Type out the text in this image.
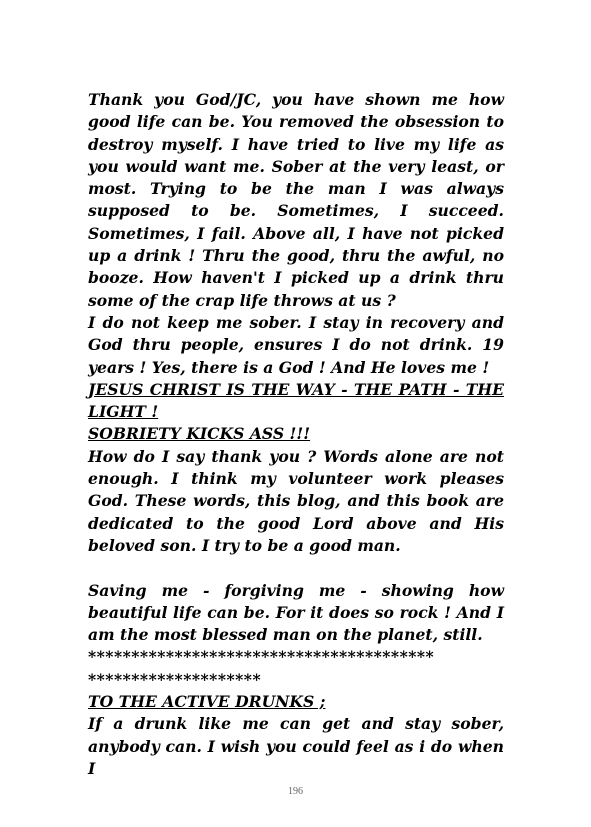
Thank you God/JC, you have shown me how good life can be. You removed the obsession to destroy myself. I have tried to live my life as you would want me. Sober at the very least, or most. Trying to be the man I was always supposed to be. Sometimes, I succeed. Sometimes, I fail. Above all, I have not picked up a drink ! Thru the good, thru the awful, no booze. How haven't I picked up a drink thru some of the crap life throws at us ?
I do not keep me sober. I stay in recovery and God thru people, ensures I do not drink. 19 years ! Yes, there is a God ! And He loves me !
JESUS CHRIST IS THE WAY - THE PATH - THE LIGHT !
SOBRIETY KICKS ASS !!!
How do I say thank you ? Words alone are not enough. I think my volunteer work pleases God. These words, this blog, and this book are dedicated to the good Lord above and His beloved son. I try to be a good man.
Saving me - forgiving me - showing how beautiful life can be. For it does so rock ! And I am the most blessed man on the planet, still.
****************************************
********************
TO THE ACTIVE DRUNKS ;
If a drunk like me can get and stay sober, anybody can. I wish you could feel as i do when I
196
